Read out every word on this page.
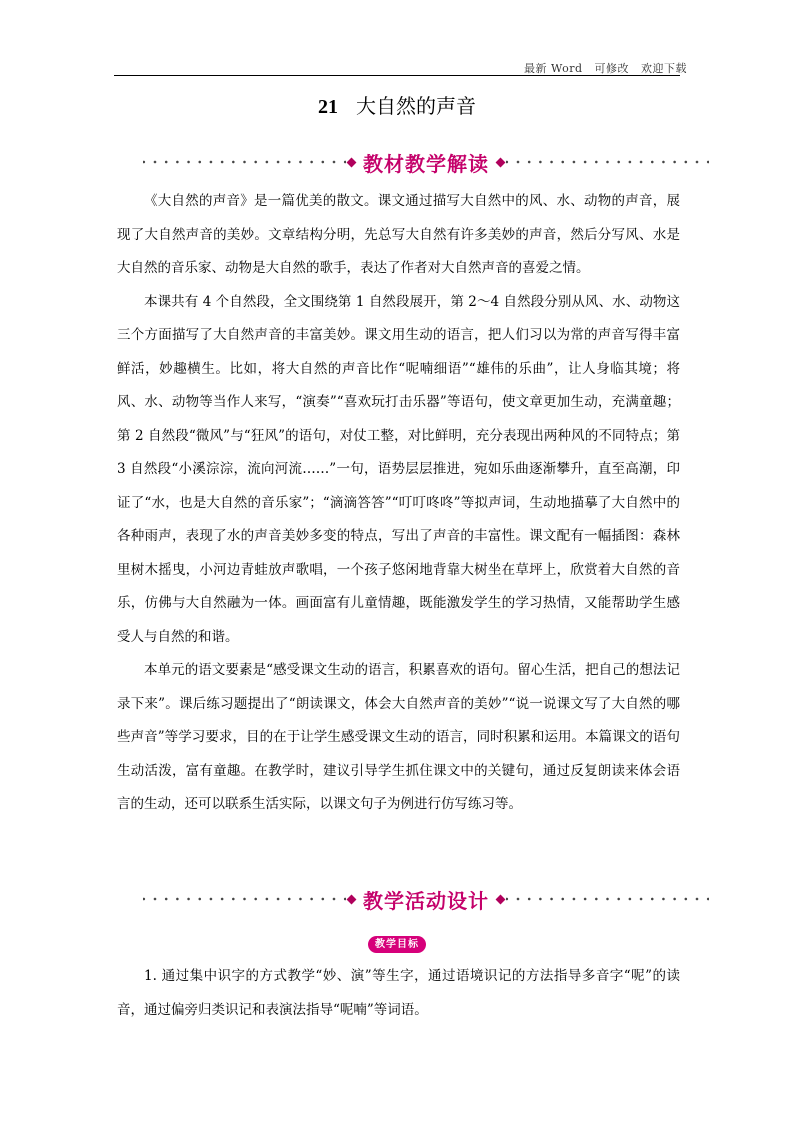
最新 Word   可修改   欢迎下载
21 大自然的声音
教材教学解读

《大自然的声音》是一篇优美的散文。课文通过描写大自然中的风、水、动物的声音，展现了大自然声音的美妙。文章结构分明，先总写大自然有许多美妙的声音，然后分写风、水是大自然的音乐家、动物是大自然的歌手，表达了作者对大自然声音的喜爱之情。

本课共有 4 个自然段，全文围绕第 1 自然段展开，第 2～4 自然段分别从风、水、动物这三个方面描写了大自然声音的丰富美妙。课文用生动的语言，把人们习以为常的声音写得丰富鲜活，妙趣横生。比如，将大自然的声音比作“呢喃细语”“雄伟的乐曲”，让人身临其境；将风、水、动物等当作人来写，“演奏”“喜欢玩打击乐器”等语句，使文章更加生动，充满童趣；第 2 自然段“微风”与“狂风”的语句，对仗工整，对比鲜明，充分表现出两种风的不同特点；第 3 自然段“小溪淙淙，流向河流……”一句，语势层层推进，宛如乐曲逐渐攀升，直至高潮，印证了“水，也是大自然的音乐家”；“滴滴答答”“叮叮咚咚”等拟声词，生动地描摹了大自然中的各种雨声，表现了水的声音美妙多变的特点，写出了声音的丰富性。课文配有一幅插图：森林里树木摇曳，小河边青蛙放声歌唱，一个孩子悠闲地背靠大树坐在草坪上，欣赏着大自然的音乐，仿佛与大自然融为一体。画面富有儿童情趣，既能激发学生的学习热情，又能帮助学生感受人与自然的和谐。

本单元的语文要素是“感受课文生动的语言，积累喜欢的语句。留心生活，把自己的想法记录下来”。课后练习题提出了“朗读课文，体会大自然声音的美妙”“说一说课文写了大自然的哪些声音”等学习要求，目的在于让学生感受课文生动的语言，同时积累和运用。本篇课文的语句生动活泼，富有童趣。在教学时，建议引导学生抓住课文中的关键句，通过反复朗读来体会语言的生动，还可以联系生活实际，以课文句子为例进行仿写练习等。

教学活动设计
教学目标

1. 通过集中识字的方式教学“妙、演”等生字，通过语境识记的方法指导多音字“呢”的读音，通过偏旁归类识记和表演法指导“呢喃”等词语。
